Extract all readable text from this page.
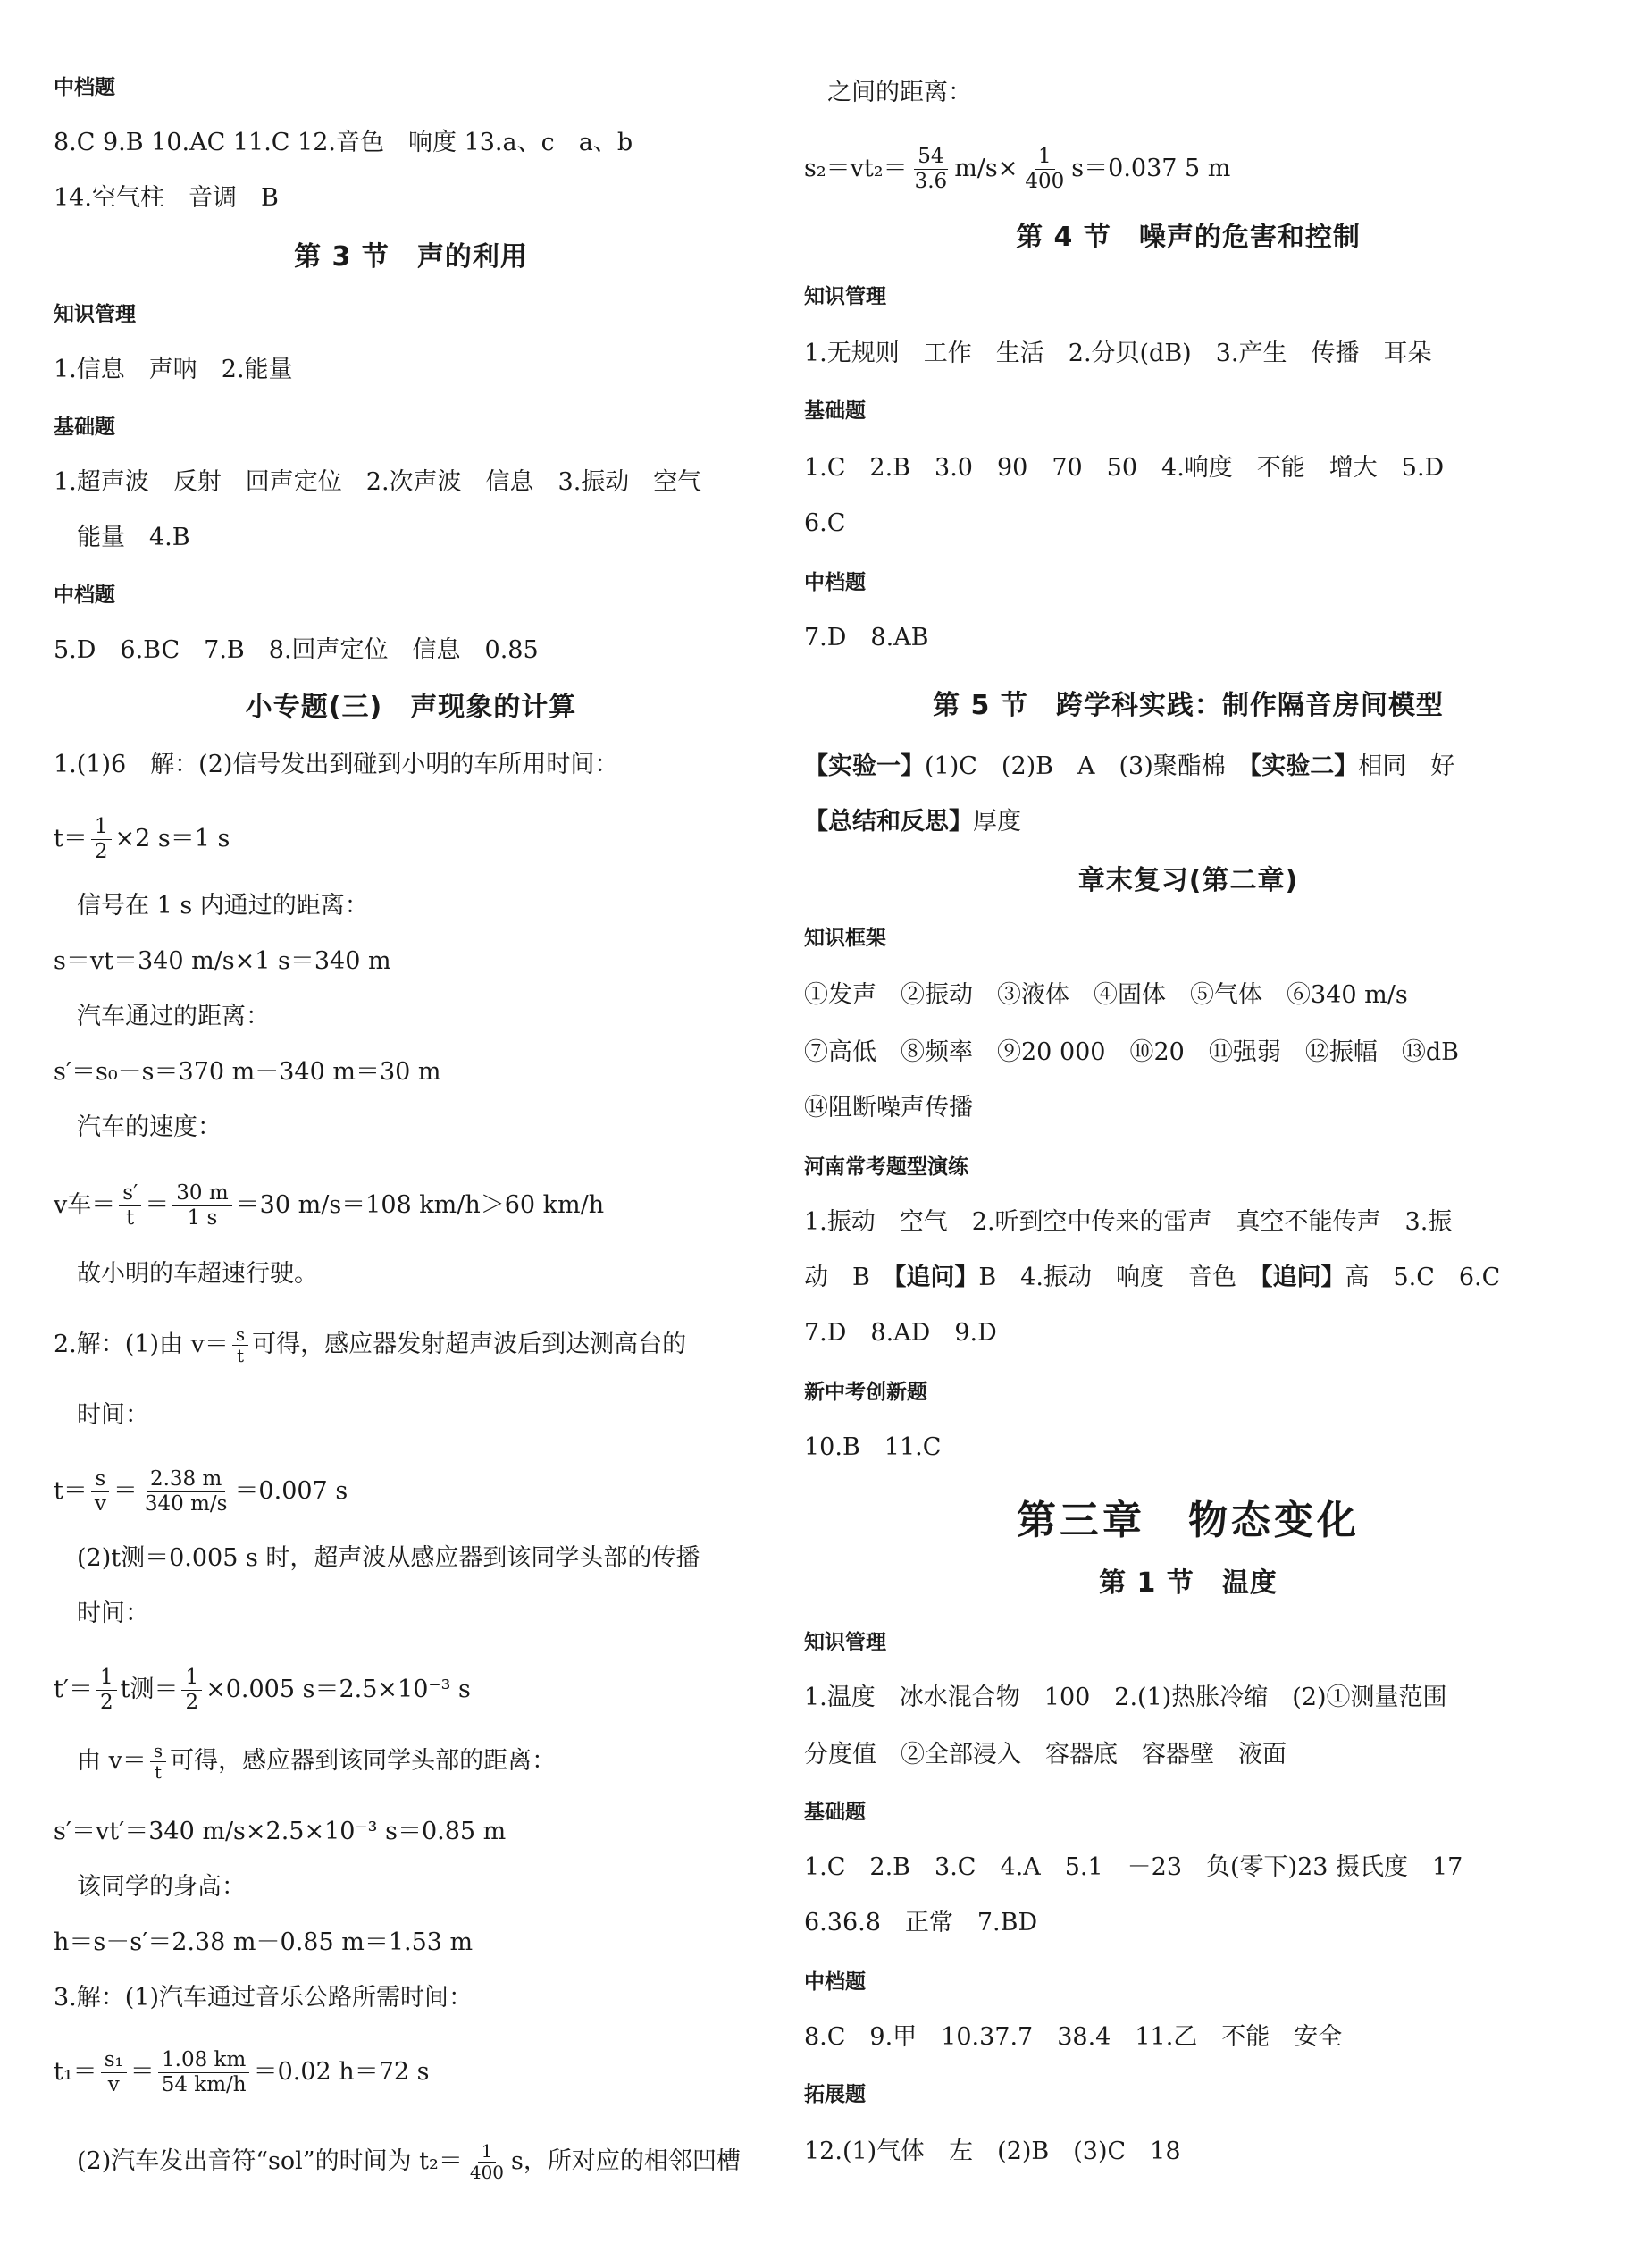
中档题
8.C 9.B 10.AC 11.C 12.音色　响度 13.a、c　a、b
14.空气柱　音调　B
第 3 节　声的利用
知识管理
1.信息　声呐　2.能量
基础题
1.超声波　反射　回声定位　2.次声波　信息　3.振动　空气
能量　4.B
中档题
5.D　6.BC　7.B　8.回声定位　信息　0.85
小专题(三)　声现象的计算
1.(1)6　解：(2)信号发出到碰到小明的车所用时间：
$t= \frac{1}{2} \times 2$ s＝1 s
信号在 1 s 内通过的距离：
s＝vt＝340 m/s×1 s＝340 m
汽车通过的距离：
s′＝s₀－s＝370 m－340 m＝30 m
汽车的速度：
v车＝ $\frac{s'}{t} = \frac{30 m}{1 s} =30$ m/s＝108 km/h＞60 km/h
故小明的车超速行驶。
2.解：(1)由 $v= \frac{s}{t}$ 可得，感应器发射超声波后到达测高台的
时间：
$t= \frac{s}{v} = \frac{2.38 m}{340 m/s} =0.007$ s
(2)t测＝0.005 s 时，超声波从感应器到该同学头部的传播
时间：
$t'= \frac{1}{2}$ t测＝ $\frac{1}{2} \times 0.005$ s＝2.5×10⁻³ s
由 $v= \frac{s}{t}$ 可得，感应器到该同学头部的距离：
s′＝vt′＝340 m/s×2.5×10⁻³ s＝0.85 m
该同学的身高：
h＝s－s′＝2.38 m－0.85 m＝1.53 m
3.解：(1)汽车通过音乐公路所需时间：
$t_1= \frac{\text{s₁}}{v} = \frac{1.08 km}{54 km/h} =0.02$ h＝72 s
(2)汽车发出音符“sol”的时间为 $t_2= \frac{1}{400}$ s，所对应的相邻凹槽
之间的距离：
$s_2=vt_2= \frac{54}{3.6} m/s\times \frac{1}{400} s=0.037$ 5 m
第 4 节　噪声的危害和控制
知识管理
1.无规则　工作　生活　2.分贝(dB)　3.产生　传播　耳朵
基础题
1.C　2.B　3.0　90　70　50　4.响度　不能　增大　5.D
6.C
中档题
7.D　8.AB
第 5 节　跨学科实践：制作隔音房间模型
【实验一】(1)C　(2)B　A　(3)聚酯棉　【实验二】相同　好
【总结和反思】厚度
章末复习(第二章)
知识框架
①发声　②振动　③液体　④固体　⑤气体　⑥340 m/s
⑦高低　⑧频率　⑨20 000　⑩20　⑪强弱　⑫振幅　⑬dB
⑭阻断噪声传播
河南常考题型演练
1.振动　空气　2.听到空中传来的雷声　真空不能传声　3.振
动　B　【追问】B　4.振动　响度　音色　【追问】高　5.C　6.C
7.D　8.AD　9.D
新中考创新题
10.B　11.C
第三章　物态变化
第 1 节　温度
知识管理
1.温度　冰水混合物　100　2.(1)热胀冷缩　(2)①测量范围
分度值　②全部浸入　容器底　容器壁　液面
基础题
1.C　2.B　3.C　4.A　5.1　－23　负(零下)23 摄氏度　17
6.36.8　正常　7.BD
中档题
8.C　9.甲　10.37.7　38.4　11.乙　不能　安全
拓展题
12.(1)气体　左　(2)B　(3)C　18
